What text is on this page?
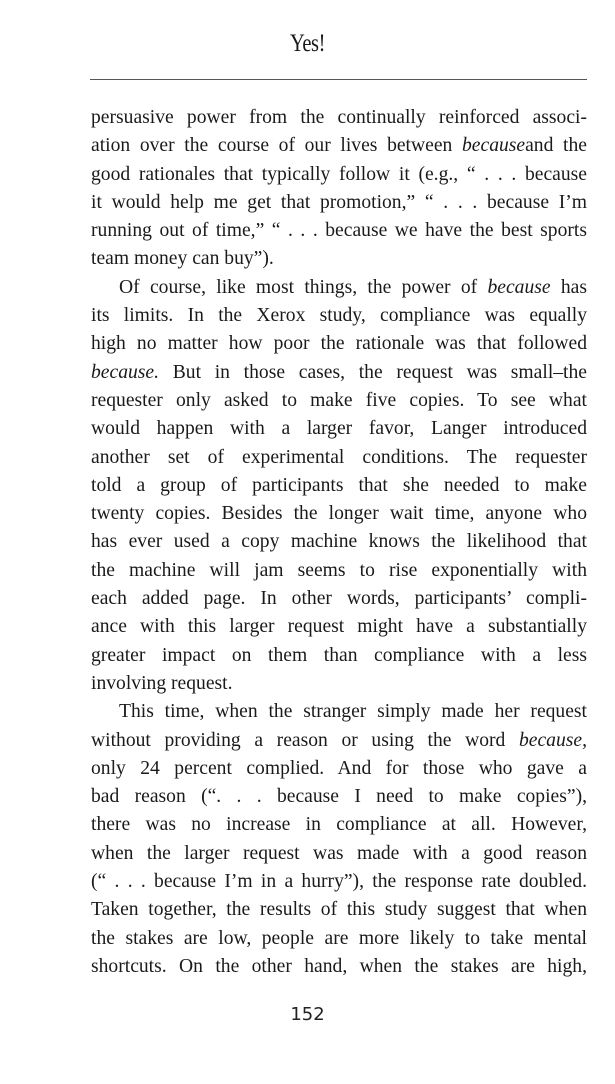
Yes!
persuasive power from the continually reinforced associ-
ation over the course of our lives between becauseand the
good rationales that typically follow it (e.g., “ . . . because
it would help me get that promotion,” “ . . . because I’m
running out of time,” “ . . . because we have the best sports
team money can buy”).
Of course, like most things, the power of because has
its limits. In the Xerox study, compliance was equally
high no matter how poor the rationale was that followed
because. But in those cases, the request was small–the
requester only asked to make five copies. To see what
would happen with a larger favor, Langer introduced
another set of experimental conditions. The requester
told a group of participants that she needed to make
twenty copies. Besides the longer wait time, anyone who
has ever used a copy machine knows the likelihood that
the machine will jam seems to rise exponentially with
each added page. In other words, participants’ compli-
ance with this larger request might have a substantially
greater impact on them than compliance with a less
involving request.
This time, when the stranger simply made her request
without providing a reason or using the word because,
only 24 percent complied. And for those who gave a
bad reason (“. . . because I need to make copies”),
there was no increase in compliance at all. However,
when the larger request was made with a good reason
(“ . . . because I’m in a hurry”), the response rate doubled.
Taken together, the results of this study suggest that when
the stakes are low, people are more likely to take mental
shortcuts. On the other hand, when the stakes are high,
152
